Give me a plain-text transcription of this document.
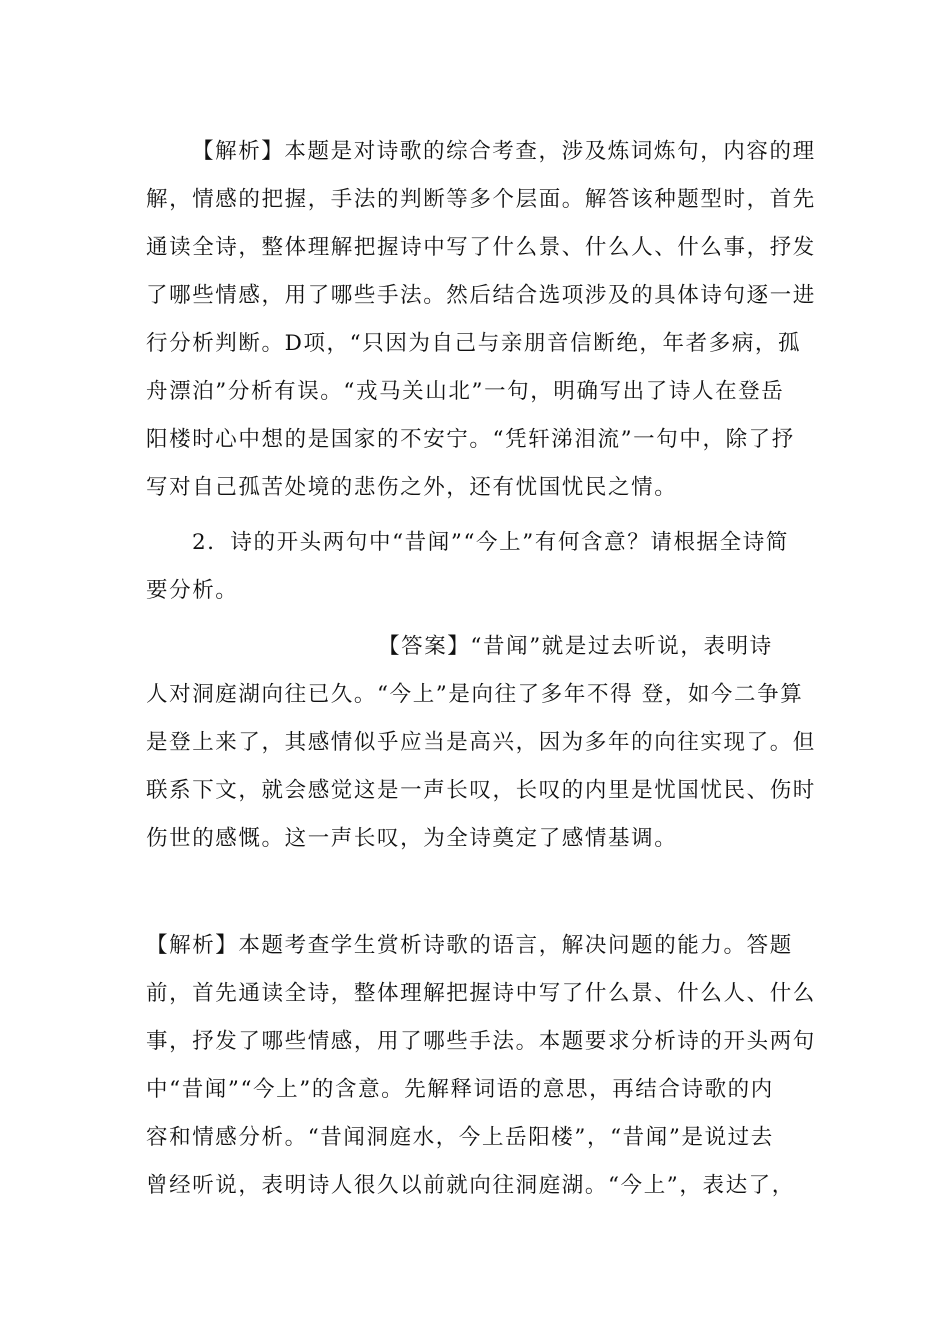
【解析】本题是对诗歌的综合考查，涉及炼词炼句，内容的理
解，情感的把握，手法的判断等多个层面。解答该种题型时，首先
通读全诗，整体理解把握诗中写了什么景、什么人、什么事，抒发
了哪些情感，用了哪些手法。然后结合选项涉及的具体诗句逐一进
行分析判断。D项，“只因为自己与亲朋音信断绝，年者多病，孤
舟漂泊”分析有误。“戎马关山北”一句，明确写出了诗人在登岳
阳楼时心中想的是国家的不安宁。“凭轩涕泪流”一句中，除了抒
写对自己孤苦处境的悲伤之外，还有忧国忧民之情。
2．诗的开头两句中“昔闻”“今上”有何含意？请根据全诗简
要分析。
【答案】“昔闻”就是过去听说，表明诗
人对洞庭湖向往已久。“今上”是向往了多年不得 登，如今二争算
是登上来了，其感情似乎应当是高兴，因为多年的向往实现了。但
联系下文，就会感觉这是一声长叹，长叹的内里是忧国忧民、伤时
伤世的感慨。这一声长叹，为全诗奠定了感情基调。
【解析】本题考查学生赏析诗歌的语言，解决问题的能力。答题
前，首先通读全诗，整体理解把握诗中写了什么景、什么人、什么
事，抒发了哪些情感，用了哪些手法。本题要求分析诗的开头两句
中“昔闻”“今上”的含意。先解释词语的意思，再结合诗歌的内
容和情感分析。“昔闻洞庭水，今上岳阳楼”，“昔闻”是说过去
曾经听说，表明诗人很久以前就向往洞庭湖。“今上”，表达了，
